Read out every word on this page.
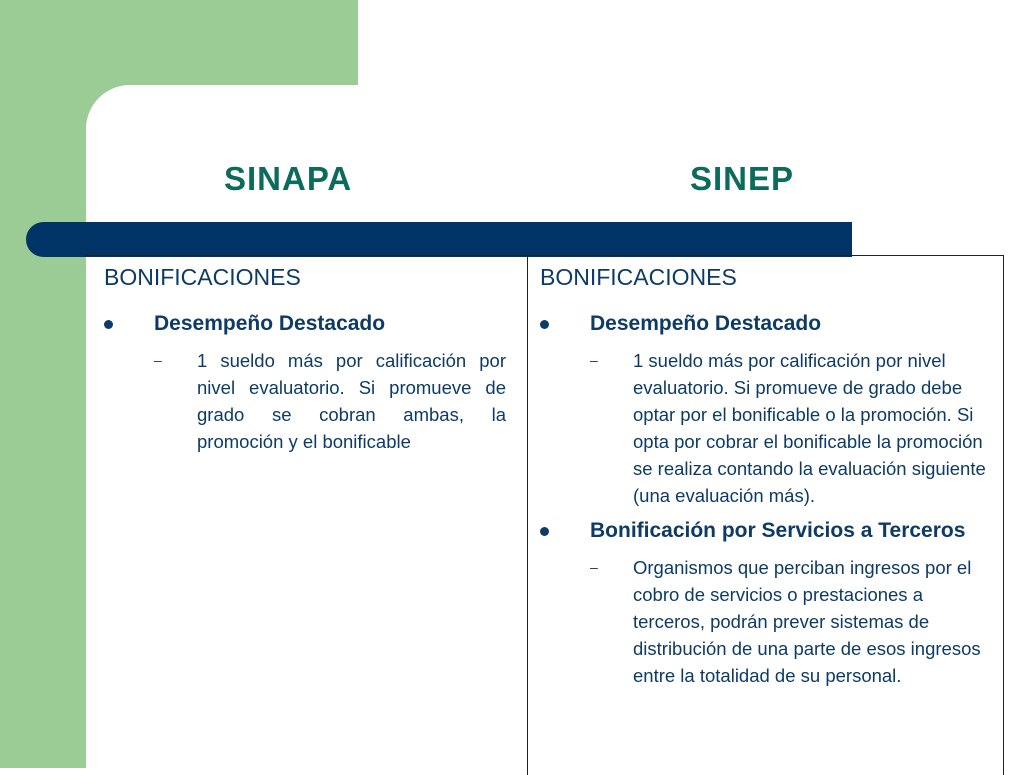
SINAPA	SINEP

BONIFICACIONES

Desempeño Destacado

– 1 sueldo más por calificación por nivel evaluatorio. Si promueve de grado se cobran ambas, la promoción y el bonificable

BONIFICACIONES

Desempeño Destacado

– 1 sueldo más por calificación por nivel evaluatorio. Si promueve de grado debe optar por el bonificable o la promoción. Si opta por cobrar el bonificable la promoción se realiza contando la evaluación siguiente (una evaluación más).

Bonificación por Servicios a Terceros

– Organismos que perciban ingresos por el cobro de servicios o prestaciones a terceros, podrán prever sistemas de distribución de una parte de esos ingresos entre la totalidad de su personal.
